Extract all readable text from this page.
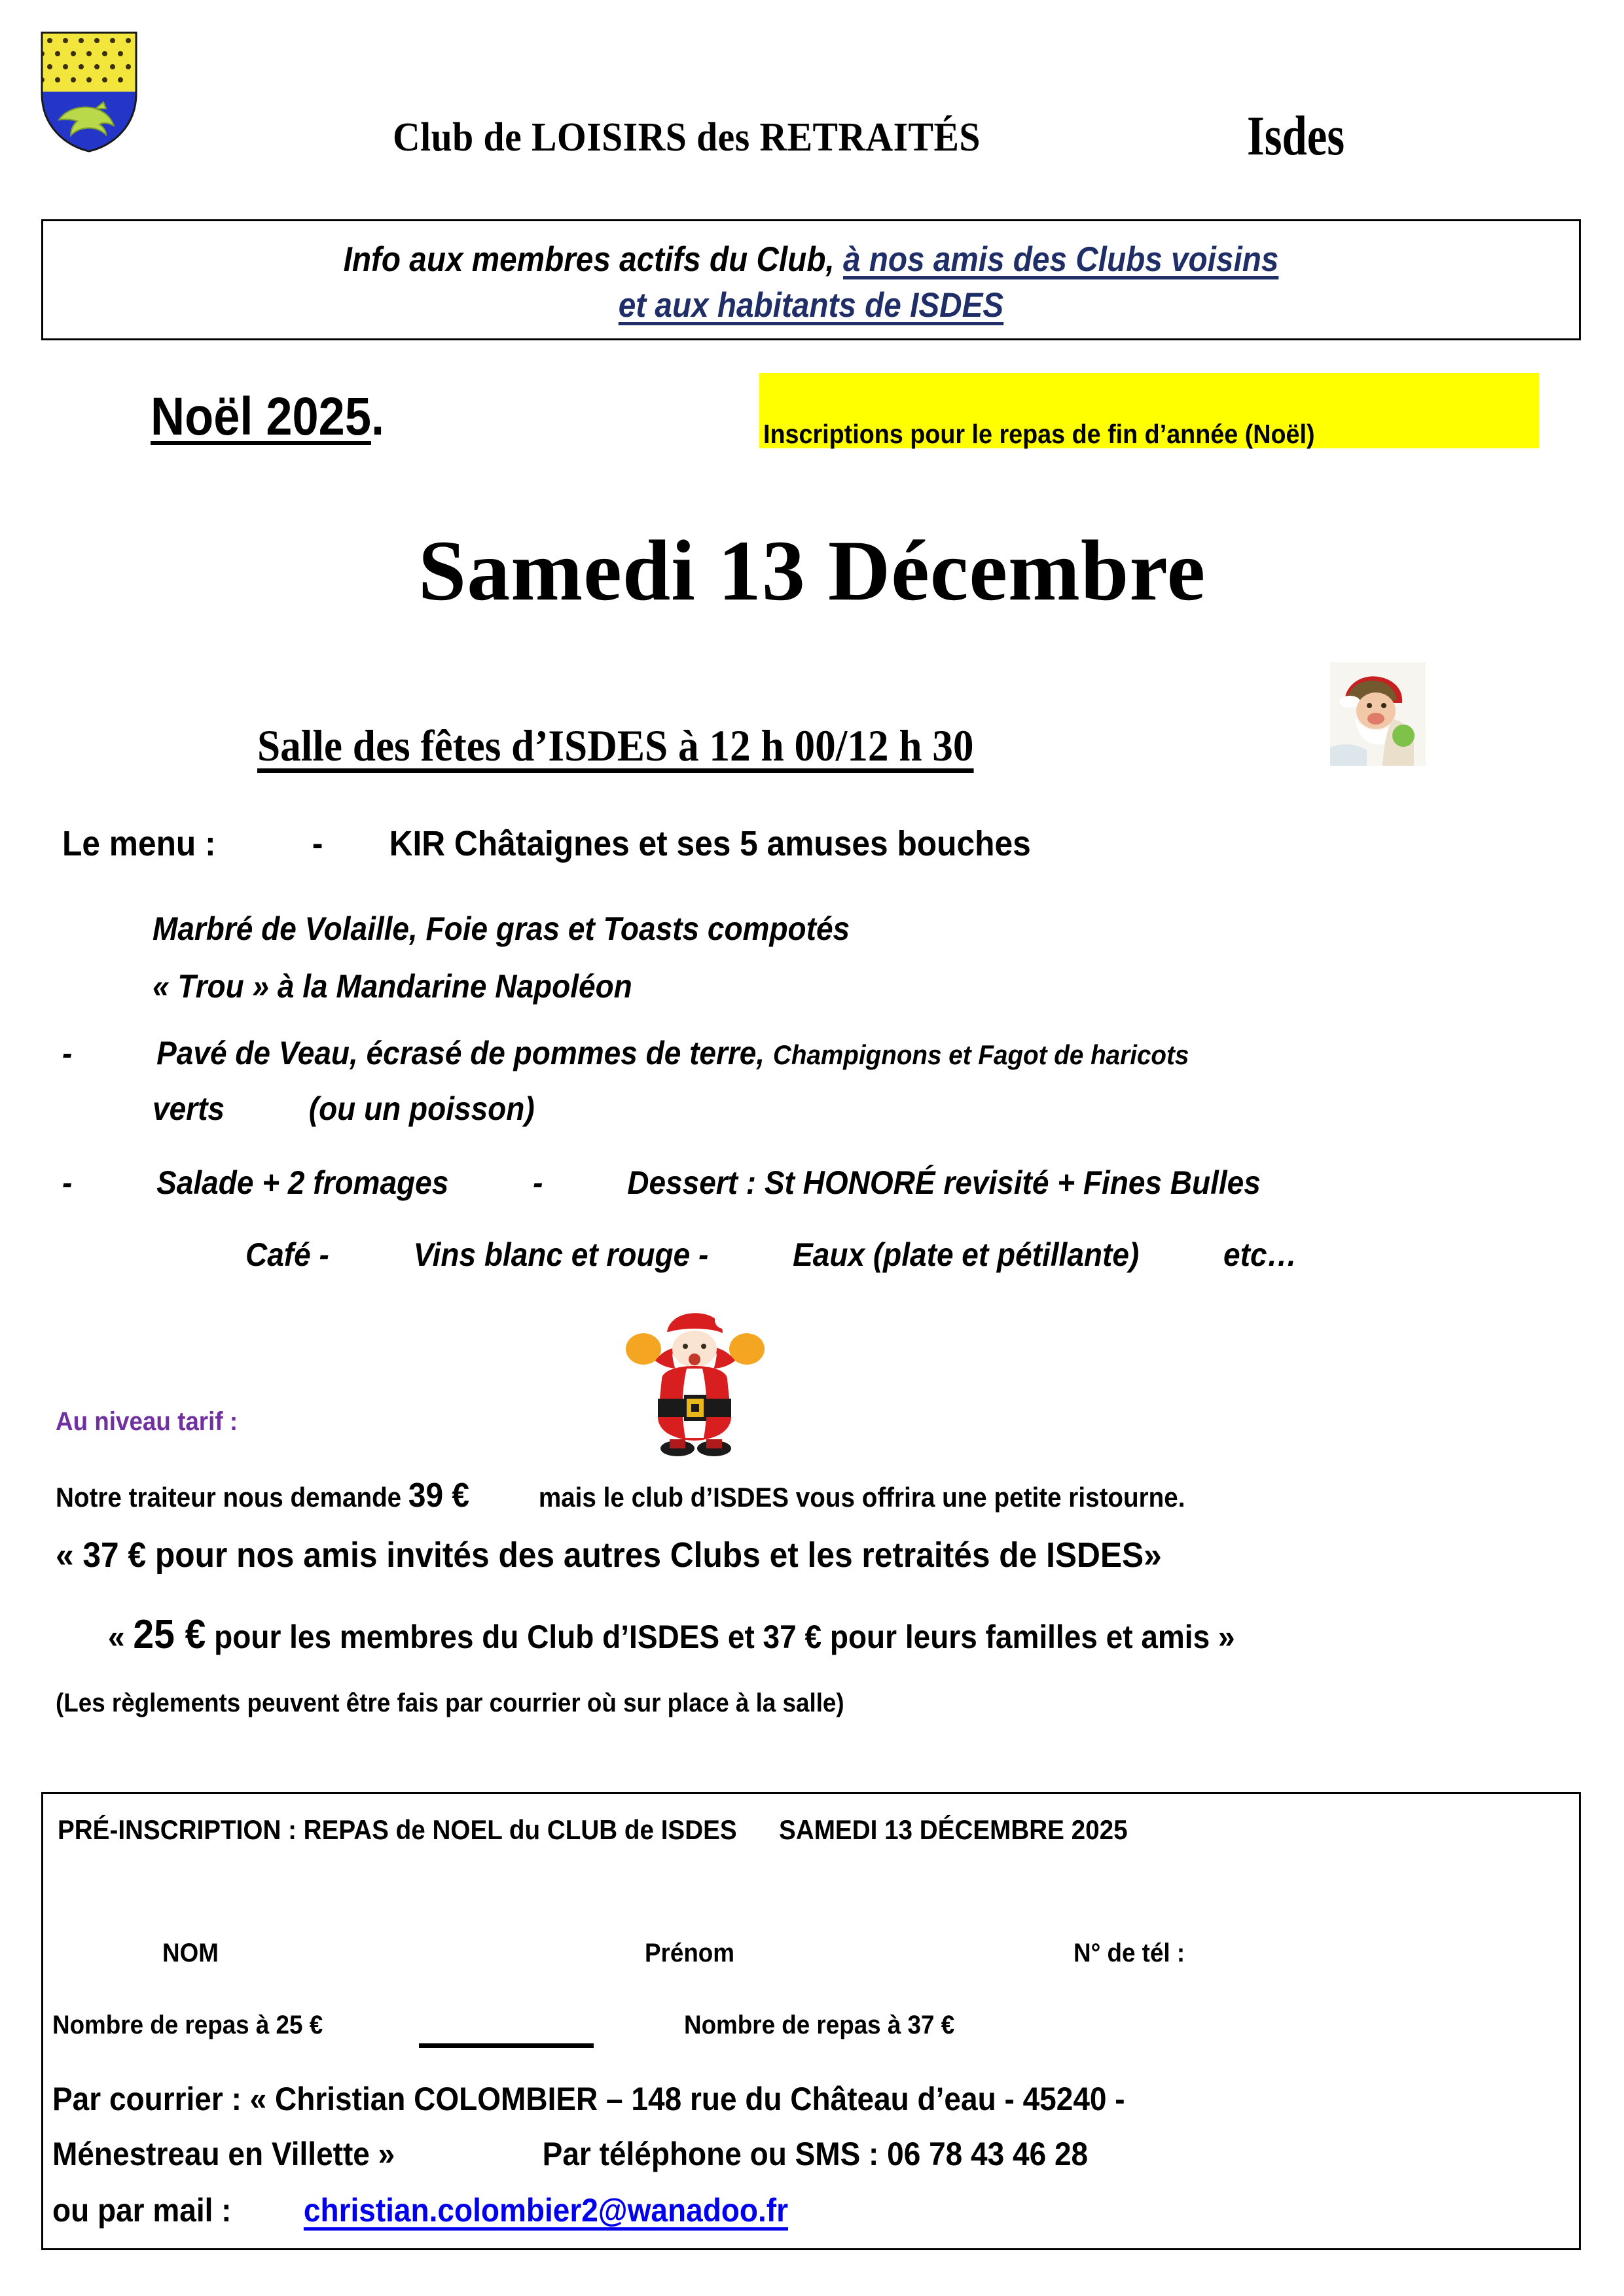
Club de LOISIRS des RETRAITÉS	Isdes
Info aux membres actifs du Club, à nos amis des Clubs voisins
et aux habitants de ISDES
Noël 2025.	Inscriptions pour le repas de fin d’année (Noël)
Samedi 13 Décembre
Salle des fêtes d’ISDES à 12 h 00/12 h 30
Le menu :	- KIR Châtaignes et ses 5 amuses bouches
Marbré de Volaille, Foie gras et Toasts compotés
« Trou » à la Mandarine Napoléon
-	Pavé de Veau, écrasé de pommes de terre, Champignons et Fagot de haricots
verts	(ou un poisson)
-	Salade + 2 fromages	-	Dessert : St HONORÉ revisité + Fines Bulles
Café -	Vins blanc et rouge -	Eaux (plate et pétillante)	etc…
Au niveau tarif :
Notre traiteur nous demande 39 €	mais le club d’ISDES vous offrira une petite ristourne.
« 37 € pour nos amis invités des autres Clubs et les retraités de ISDES»
« 25 € pour les membres du Club d’ISDES et 37 € pour leurs familles et amis »
(Les règlements peuvent être fais par courrier où sur place à la salle)
PRÉ-INSCRIPTION : REPAS de NOEL du CLUB de ISDES SAMEDI 13 DÉCEMBRE 2025
NOM	Prénom	N° de tél :
Nombre de repas à 25 €	Nombre de repas à 37 €
Par courrier : « Christian COLOMBIER – 148 rue du Château d’eau - 45240 -
Ménestreau en Villette »	Par téléphone ou SMS : 06 78 43 46 28
ou par mail : christian.colombier2@wanadoo.fr
